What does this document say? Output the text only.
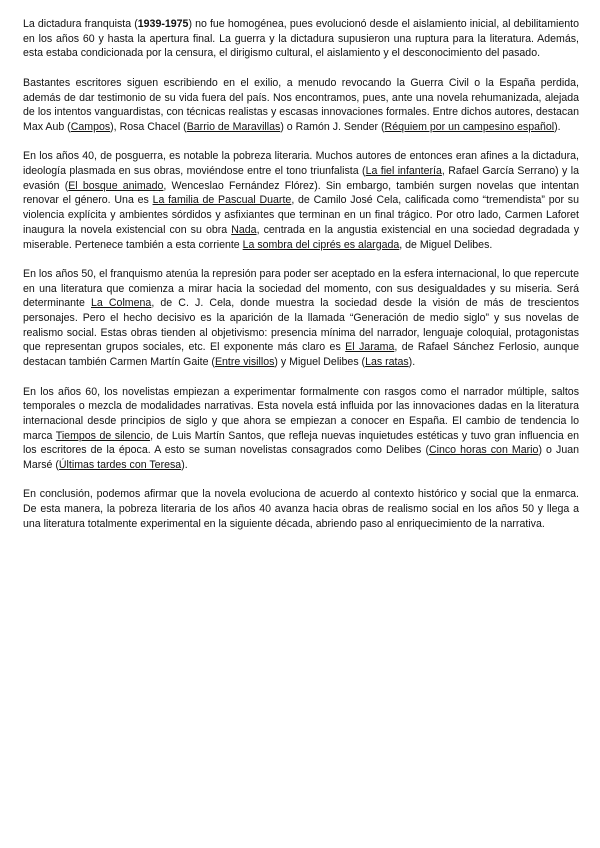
La dictadura franquista (1939-1975) no fue homogénea, pues evolucionó desde el aislamiento inicial, al debilitamiento en los años 60 y hasta la apertura final. La guerra y la dictadura supusieron una ruptura para la literatura. Además, esta estaba condicionada por la censura, el dirigismo cultural, el aislamiento y el desconocimiento del pasado.

Bastantes escritores siguen escribiendo en el exilio, a menudo revocando la Guerra Civil o la España perdida, además de dar testimonio de su vida fuera del país. Nos encontramos, pues, ante una novela rehumanizada, alejada de los intentos vanguardistas, con técnicas realistas y escasas innovaciones formales. Entre dichos autores, destacan Max Aub (Campos), Rosa Chacel (Barrio de Maravillas) o Ramón J. Sender (Réquiem por un campesino español).

En los años 40, de posguerra, es notable la pobreza literaria. Muchos autores de entonces eran afines a la dictadura, ideología plasmada en sus obras, moviéndose entre el tono triunfalista (La fiel infantería, Rafael García Serrano) y la evasión (El bosque animado, Wenceslao Fernández Flórez). Sin embargo, también surgen novelas que intentan renovar el género. Una es La familia de Pascual Duarte, de Camilo José Cela, calificada como “tremendista” por su violencia explícita y ambientes sórdidos y asfixiantes que terminan en un final trágico. Por otro lado, Carmen Laforet inaugura la novela existencial con su obra Nada, centrada en la angustia existencial en una sociedad degradada y miserable. Pertenece también a esta corriente La sombra del ciprés es alargada, de Miguel Delibes.

En los años 50, el franquismo atenúa la represión para poder ser aceptado en la esfera internacional, lo que repercute en una literatura que comienza a mirar hacia la sociedad del momento, con sus desigualdades y su miseria. Será determinante La Colmena, de C. J. Cela, donde muestra la sociedad desde la visión de más de trescientos personajes. Pero el hecho decisivo es la aparición de la llamada “Generación de medio siglo” y sus novelas de realismo social. Estas obras tienden al objetivismo: presencia mínima del narrador, lenguaje coloquial, protagonistas que representan grupos sociales, etc. El exponente más claro es El Jarama, de Rafael Sánchez Ferlosio, aunque destacan también Carmen Martín Gaite (Entre visillos) y Miguel Delibes (Las ratas).

En los años 60, los novelistas empiezan a experimentar formalmente con rasgos como el narrador múltiple, saltos temporales o mezcla de modalidades narrativas. Esta novela está influida por las innovaciones dadas en la literatura internacional desde principios de siglo y que ahora se empiezan a conocer en España. El cambio de tendencia lo marca Tiempos de silencio, de Luis Martín Santos, que refleja nuevas inquietudes estéticas y tuvo gran influencia en los escritores de la época. A esto se suman novelistas consagrados como Delibes (Cinco horas con Mario) o Juan Marsé (Últimas tardes con Teresa).

En conclusión, podemos afirmar que la novela evoluciona de acuerdo al contexto histórico y social que la enmarca. De esta manera, la pobreza literaria de los años 40 avanza hacia obras de realismo social en los años 50 y llega a una literatura totalmente experimental en la siguiente década, abriendo paso al enriquecimiento de la narrativa.
